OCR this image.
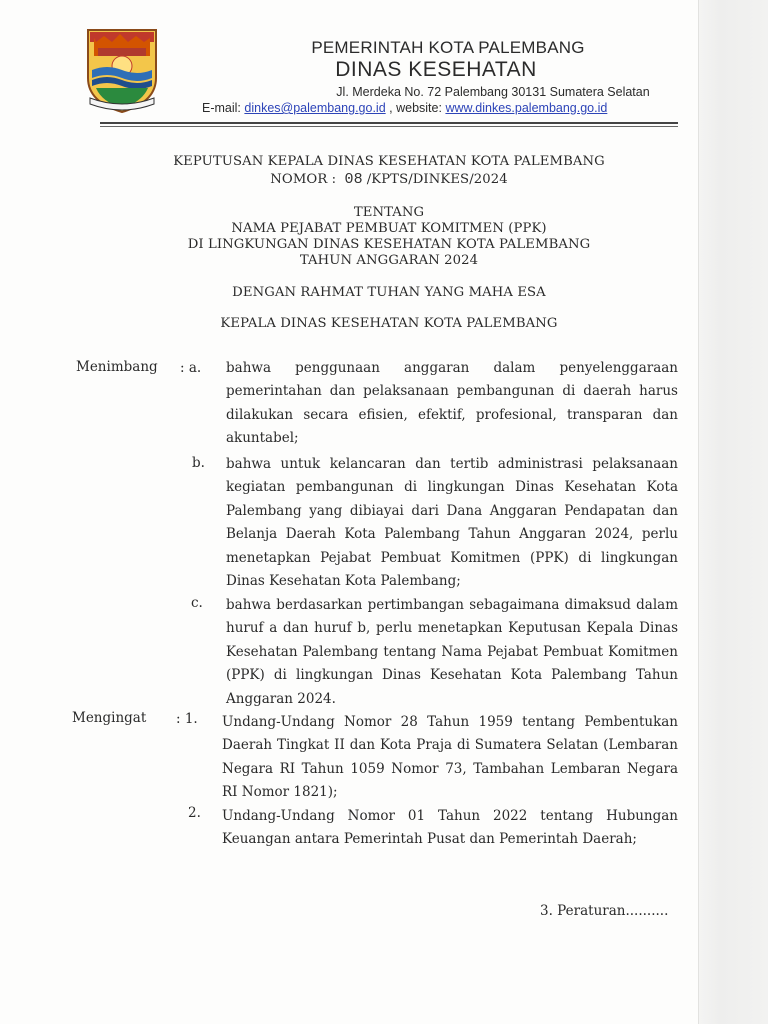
PEMERINTAH KOTA PALEMBANG
DINAS KESEHATAN
Jl. Merdeka No. 72 Palembang 30131 Sumatera Selatan
E-mail: dinkes@palembang.go.id , website: www.dinkes.palembang.go.id
KEPUTUSAN KEPALA DINAS KESEHATAN KOTA PALEMBANG
NOMOR : 08 /KPTS/DINKES/2024
TENTANG
NAMA PEJABAT PEMBUAT KOMITMEN (PPK)
DI LINGKUNGAN DINAS KESEHATAN KOTA PALEMBANG
TAHUN ANGGARAN 2024
DENGAN RAHMAT TUHAN YANG MAHA ESA
KEPALA DINAS KESEHATAN KOTA PALEMBANG
Menimbang : a. bahwa penggunaan anggaran dalam penyelenggaraan pemerintahan dan pelaksanaan pembangunan di daerah harus dilakukan secara efisien, efektif, profesional, transparan dan akuntabel;
b. bahwa untuk kelancaran dan tertib administrasi pelaksanaan kegiatan pembangunan di lingkungan Dinas Kesehatan Kota Palembang yang dibiayai dari Dana Anggaran Pendapatan dan Belanja Daerah Kota Palembang Tahun Anggaran 2024, perlu menetapkan Pejabat Pembuat Komitmen (PPK) di lingkungan Dinas Kesehatan Kota Palembang;
c. bahwa berdasarkan pertimbangan sebagaimana dimaksud dalam huruf a dan huruf b, perlu menetapkan Keputusan Kepala Dinas Kesehatan Palembang tentang Nama Pejabat Pembuat Komitmen (PPK) di lingkungan Dinas Kesehatan Kota Palembang Tahun Anggaran 2024.
Mengingat : 1. Undang-Undang Nomor 28 Tahun 1959 tentang Pembentukan Daerah Tingkat II dan Kota Praja di Sumatera Selatan (Lembaran Negara RI Tahun 1059 Nomor 73, Tambahan Lembaran Negara RI Nomor 1821);
2. Undang-Undang Nomor 01 Tahun 2022 tentang Hubungan Keuangan antara Pemerintah Pusat dan Pemerintah Daerah;
3. Peraturan..........
